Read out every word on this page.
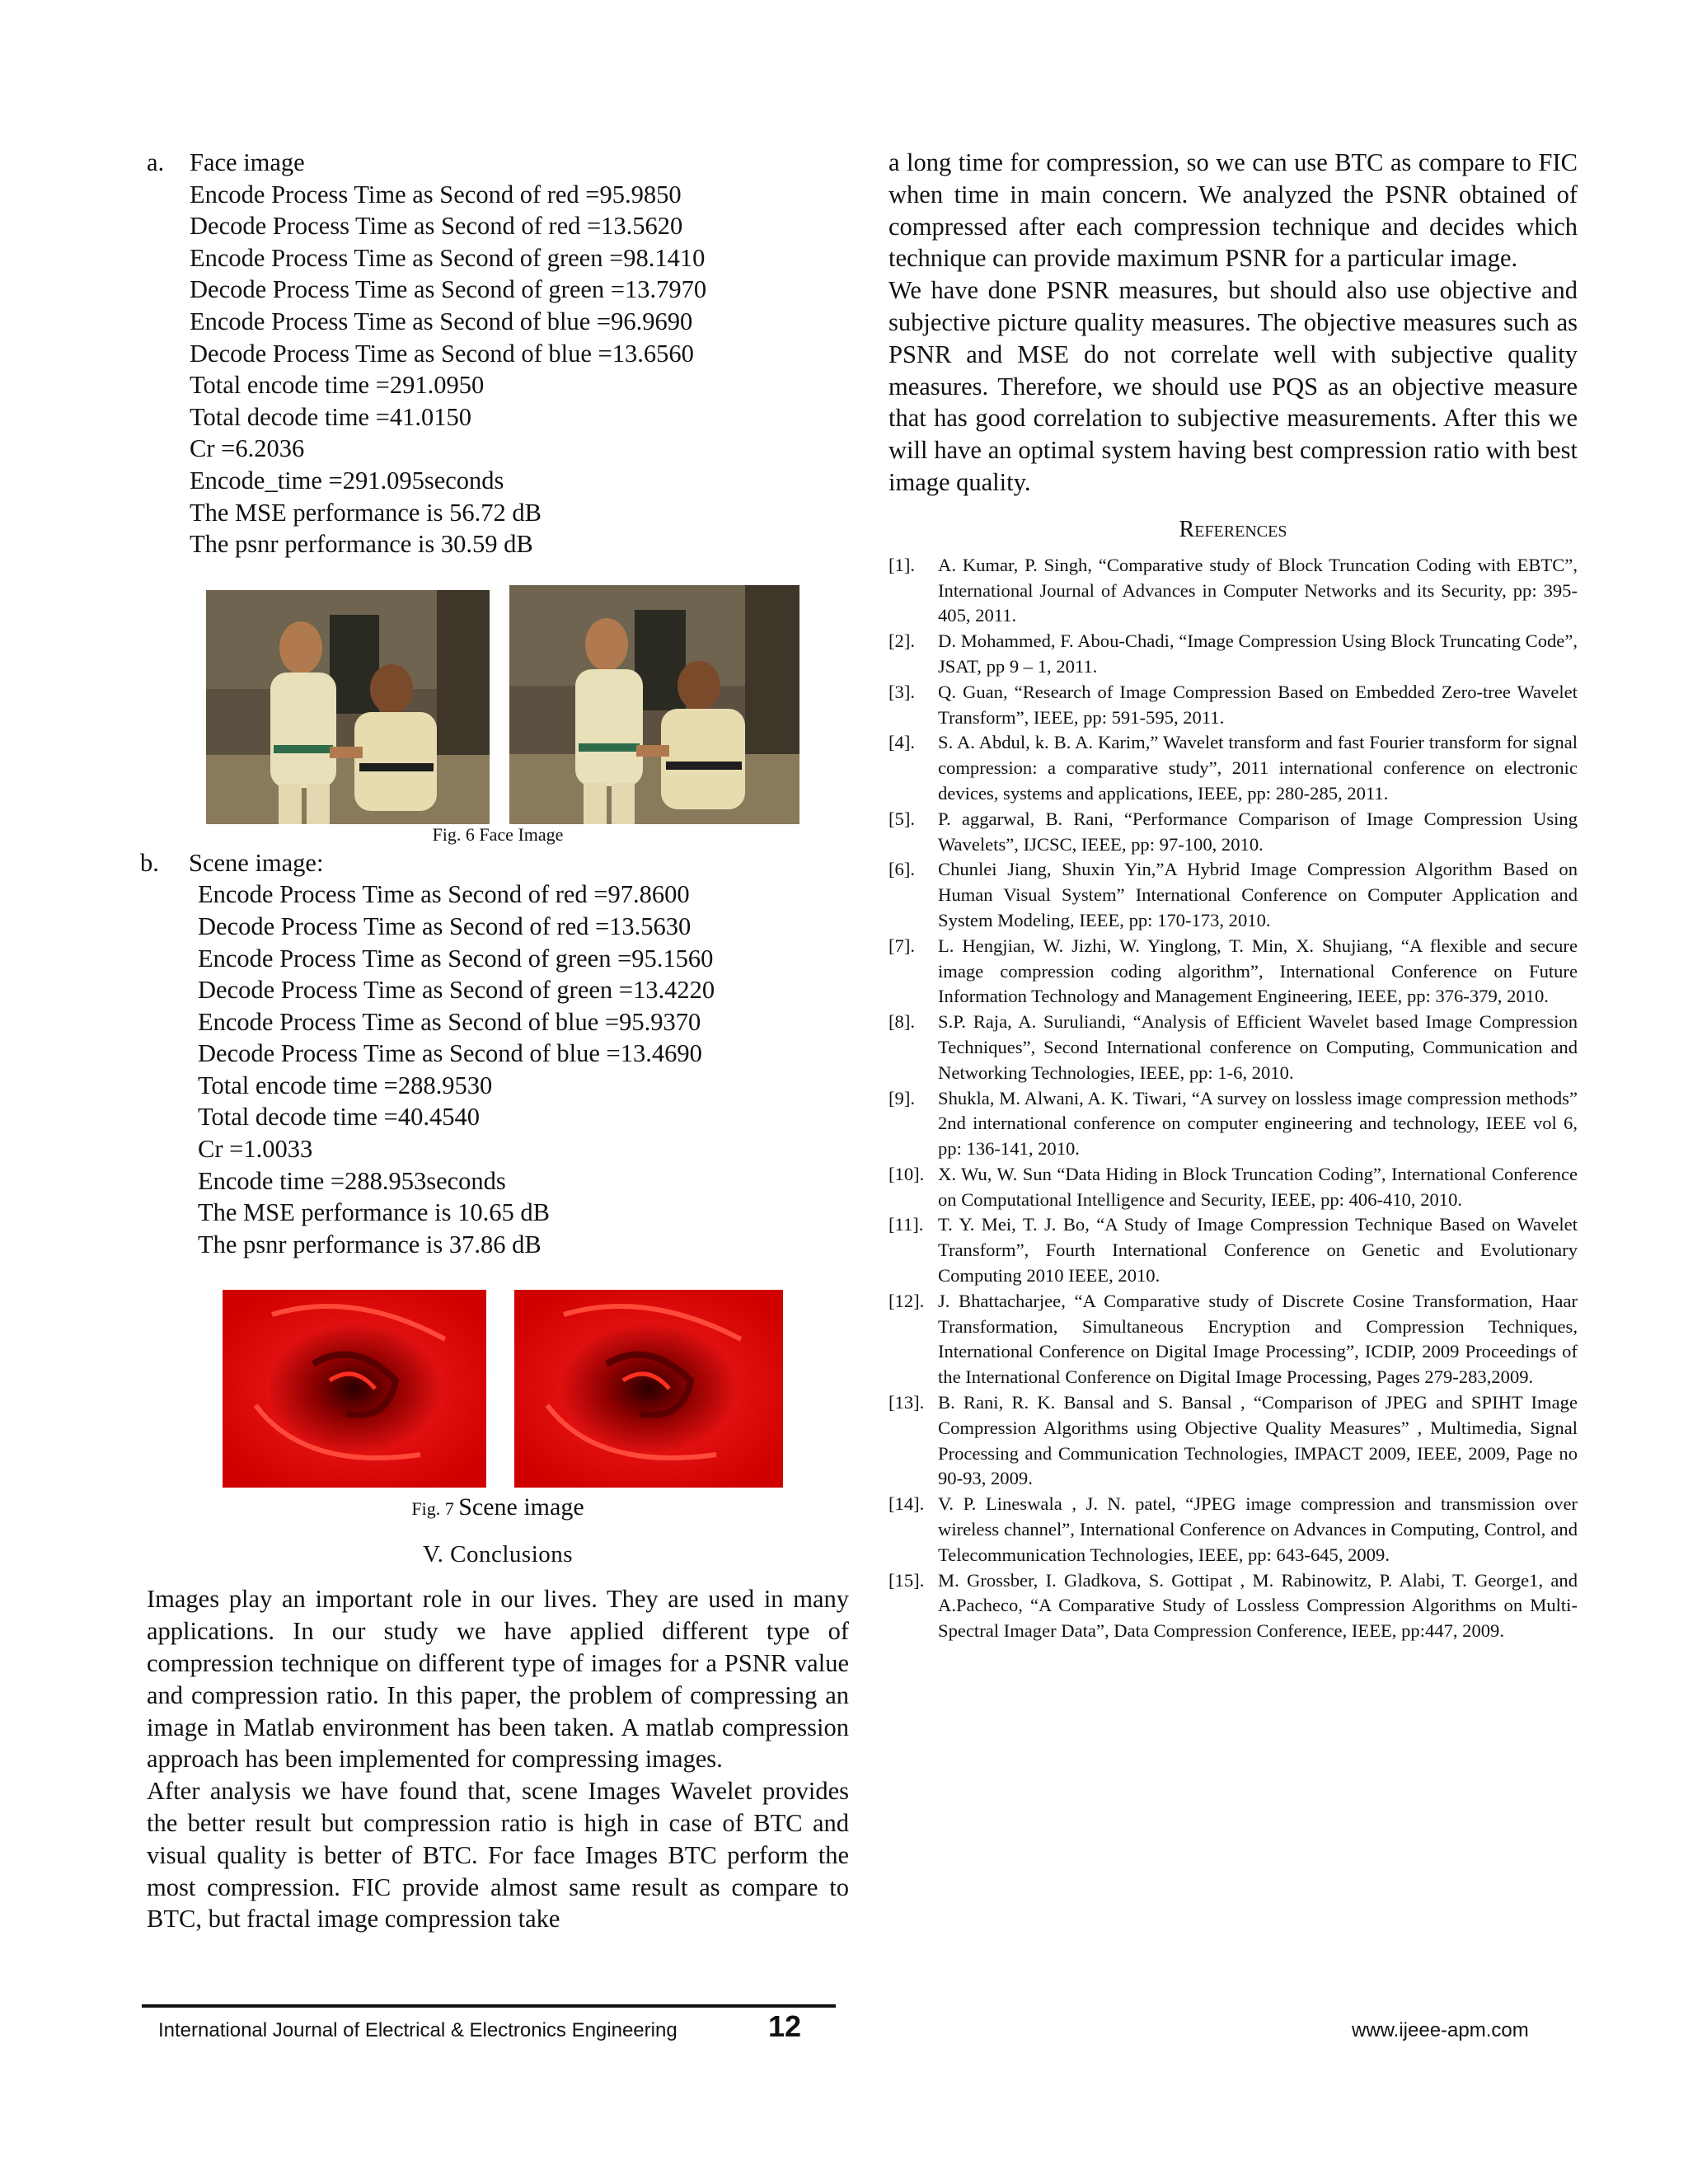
a.	Face image
Encode Process Time as Second of red =95.9850
Decode Process Time as Second of red =13.5620
Encode Process Time as Second of green =98.1410
Decode Process Time as Second of green =13.7970
Encode Process Time as Second of blue =96.9690
Decode Process Time as Second of blue =13.6560
Total encode time =291.0950
Total decode time =41.0150
Cr =6.2036
Encode_time =291.095seconds
The MSE performance is 56.72 dB
The psnr performance is 30.59 dB
Fig. 6 Face Image
b.	Scene image:
Encode Process Time as Second of red =97.8600
Decode Process Time as Second of red =13.5630
Encode Process Time as Second of green =95.1560
Decode Process Time as Second of green =13.4220
Encode Process Time as Second of blue =95.9370
Decode Process Time as Second of blue =13.4690
Total encode time =288.9530
Total decode time =40.4540
Cr =1.0033
Encode time =288.953seconds
The MSE performance is 10.65 dB
The psnr performance is 37.86 dB
Fig. 7 Scene image
V. Conclusions

Images play an important role in our lives. They are used in many applications. In our study we have applied different type of compression technique on different type of images for a PSNR value and compression ratio. In this paper, the problem of compressing an image in Matlab environment has been taken. A matlab compression approach has been implemented for compressing images.

After analysis we have found that, scene Images Wavelet provides the better result but compression ratio is high in case of BTC and visual quality is better of BTC. For face Images BTC perform the most compression. FIC provide almost same result as compare to BTC, but fractal image compression take

a long time for compression, so we can use BTC as compare to FIC when time in main concern. We analyzed the PSNR obtained of compressed after each compression technique and decides which technique can provide maximum PSNR for a particular image.

We have done PSNR measures, but should also use objective and subjective picture quality measures. The objective measures such as PSNR and MSE do not correlate well with subjective quality measures. Therefore, we should use PQS as an objective measure that has good correlation to subjective measurements. After this we will have an optimal system having best compression ratio with best image quality.

References
[1].	A. Kumar, P. Singh, “Comparative study of Block Truncation Coding with EBTC”, International Journal of Advances in Computer Networks and its Security, pp: 395-405, 2011.
[2].	D. Mohammed, F. Abou-Chadi, “Image Compression Using Block Truncating Code”, JSAT, pp 9 – 1, 2011.
[3].	Q. Guan, “Research of Image Compression Based on Embedded Zero-tree Wavelet Transform”, IEEE, pp: 591-595, 2011.
[4].	S. A. Abdul, k. B. A. Karim,” Wavelet transform and fast Fourier transform for signal compression: a comparative study”, 2011 international conference on electronic devices, systems and applications, IEEE, pp: 280-285, 2011.
[5].	P. aggarwal, B. Rani, “Performance Comparison of Image Compression Using Wavelets”, IJCSC, IEEE, pp: 97-100, 2010.
[6].	Chunlei Jiang, Shuxin Yin,”A Hybrid Image Compression Algorithm Based on Human Visual System” International Conference on Computer Application and System Modeling, IEEE, pp: 170-173, 2010.
[7].	L. Hengjian, W. Jizhi, W. Yinglong, T. Min, X. Shujiang, “A flexible and secure image compression coding algorithm”, International Conference on Future Information Technology and Management Engineering, IEEE, pp: 376-379, 2010.
[8].	S.P. Raja, A. Suruliandi, “Analysis of Efficient Wavelet based Image Compression Techniques”, Second International conference on Computing, Communication and Networking Technologies, IEEE, pp: 1-6, 2010.
[9].	Shukla, M. Alwani, A. K. Tiwari, “A survey on lossless image compression methods” 2nd international conference on computer engineering and technology, IEEE vol 6, pp: 136-141, 2010.
[10]. X. Wu, W. Sun “Data Hiding in Block Truncation Coding”, International Conference on Computational Intelligence and Security, IEEE, pp: 406-410, 2010.
[11]. T. Y. Mei, T. J. Bo, “A Study of Image Compression Technique Based on Wavelet Transform”, Fourth International Conference on Genetic and Evolutionary Computing 2010 IEEE, 2010.
[12]. J. Bhattacharjee, “A Comparative study of Discrete Cosine Transformation, Haar Transformation, Simultaneous Encryption and Compression Techniques, International Conference on Digital Image Processing”, ICDIP, 2009 Proceedings of the International Conference on Digital Image Processing, Pages 279-283,2009.
[13]. B. Rani, R. K. Bansal and S. Bansal , “Comparison of JPEG and SPIHT Image Compression Algorithms using Objective Quality Measures” , Multimedia, Signal Processing and Communication Technologies, IMPACT 2009, IEEE, 2009, Page no 90-93, 2009.
[14]. V. P. Lineswala , J. N. patel, “JPEG image compression and transmission over wireless channel”, International Conference on Advances in Computing, Control, and Telecommunication Technologies, IEEE, pp: 643-645, 2009.
[15]. M. Grossber, I. Gladkova, S. Gottipat , M. Rabinowitz, P. Alabi, T. George1, and A.Pacheco, “A Comparative Study of Lossless Compression Algorithms on Multi-Spectral Imager Data”, Data Compression Conference, IEEE, pp:447, 2009.
International Journal of Electrical & Electronics Engineering	12	www.ijeee-apm.com
